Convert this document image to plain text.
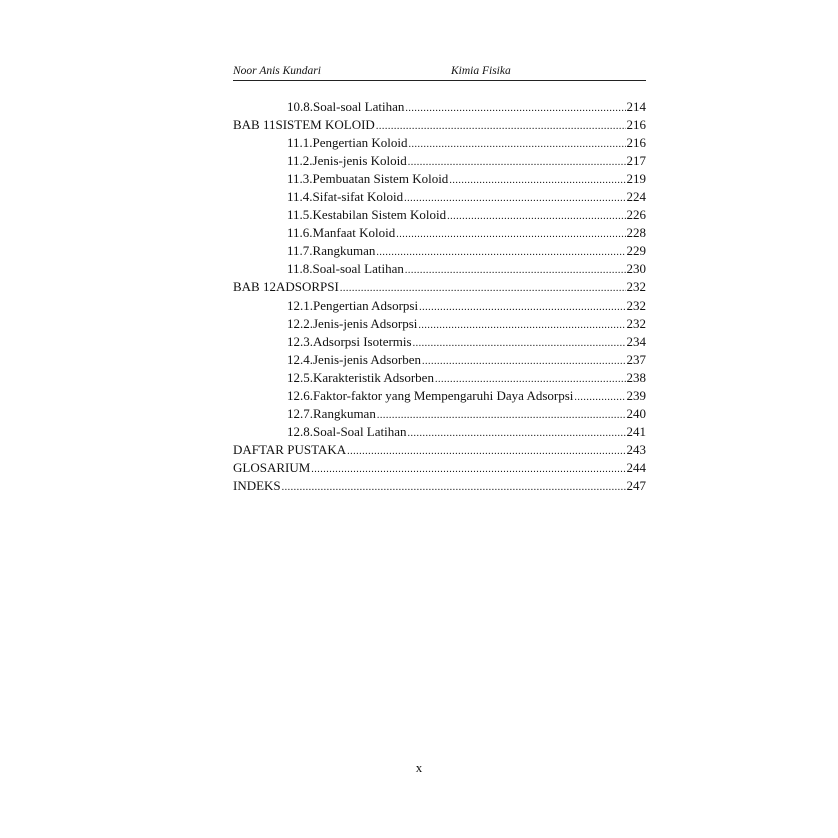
Noor Anis Kundari	Kimia Fisika
10.8. Soal-soal Latihan .....	214
BAB 11 SISTEM KOLOID .....	216
11.1. Pengertian Koloid .....	216
11.2. Jenis-jenis Koloid .....	217
11.3. Pembuatan Sistem Koloid .....	219
11.4. Sifat-sifat Koloid .....	224
11.5. Kestabilan Sistem Koloid .....	226
11.6. Manfaat Koloid .....	228
11.7. Rangkuman .....	229
11.8. Soal-soal Latihan .....	230
BAB 12 ADSORPSI .....	232
12.1. Pengertian Adsorpsi .....	232
12.2. Jenis-jenis Adsorpsi .....	232
12.3. Adsorpsi Isotermis .....	234
12.4. Jenis-jenis Adsorben .....	237
12.5. Karakteristik Adsorben .....	238
12.6. Faktor-faktor yang Mempengaruhi Daya Adsorpsi .....	239
12.7. Rangkuman .....	240
12.8. Soal-Soal Latihan .....	241
DAFTAR PUSTAKA .....	243
GLOSARIUM .....	244
INDEKS .....	247
x
